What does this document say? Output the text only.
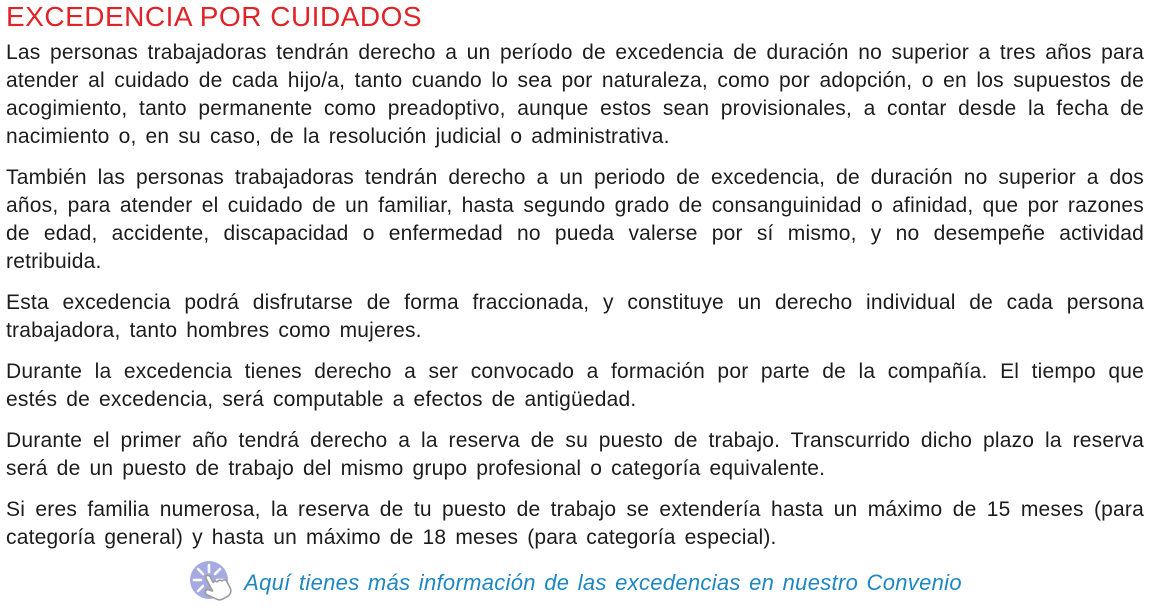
EXCEDENCIA POR CUIDADOS

Las personas trabajadoras tendrán derecho a un período de excedencia de duración no superior a tres años para atender al cuidado de cada hijo/a, tanto cuando lo sea por naturaleza, como por adopción, o en los supuestos de acogimiento, tanto permanente como preadoptivo, aunque estos sean provisionales, a contar desde la fecha de nacimiento o, en su caso, de la resolución judicial o administrativa.

También las personas trabajadoras tendrán derecho a un periodo de excedencia, de duración no superior a dos años, para atender el cuidado de un familiar, hasta segundo grado de consanguinidad o afinidad, que por razones de edad, accidente, discapacidad o enfermedad no pueda valerse por sí mismo, y no desempeñe actividad retribuida.

Esta excedencia podrá disfrutarse de forma fraccionada, y constituye un derecho individual de cada persona trabajadora, tanto hombres como mujeres.

Durante la excedencia tienes derecho a ser convocado a formación por parte de la compañía. El tiempo que estés de excedencia, será computable a efectos de antigüedad.

Durante el primer año tendrá derecho a la reserva de su puesto de trabajo. Transcurrido dicho plazo la reserva será de un puesto de trabajo del mismo grupo profesional o categoría equivalente.

Si eres familia numerosa, la reserva de tu puesto de trabajo se extendería hasta un máximo de 15 meses (para categoría general) y hasta un máximo de 18 meses (para categoría especial).

Aquí tienes más información de las excedencias en nuestro Convenio
